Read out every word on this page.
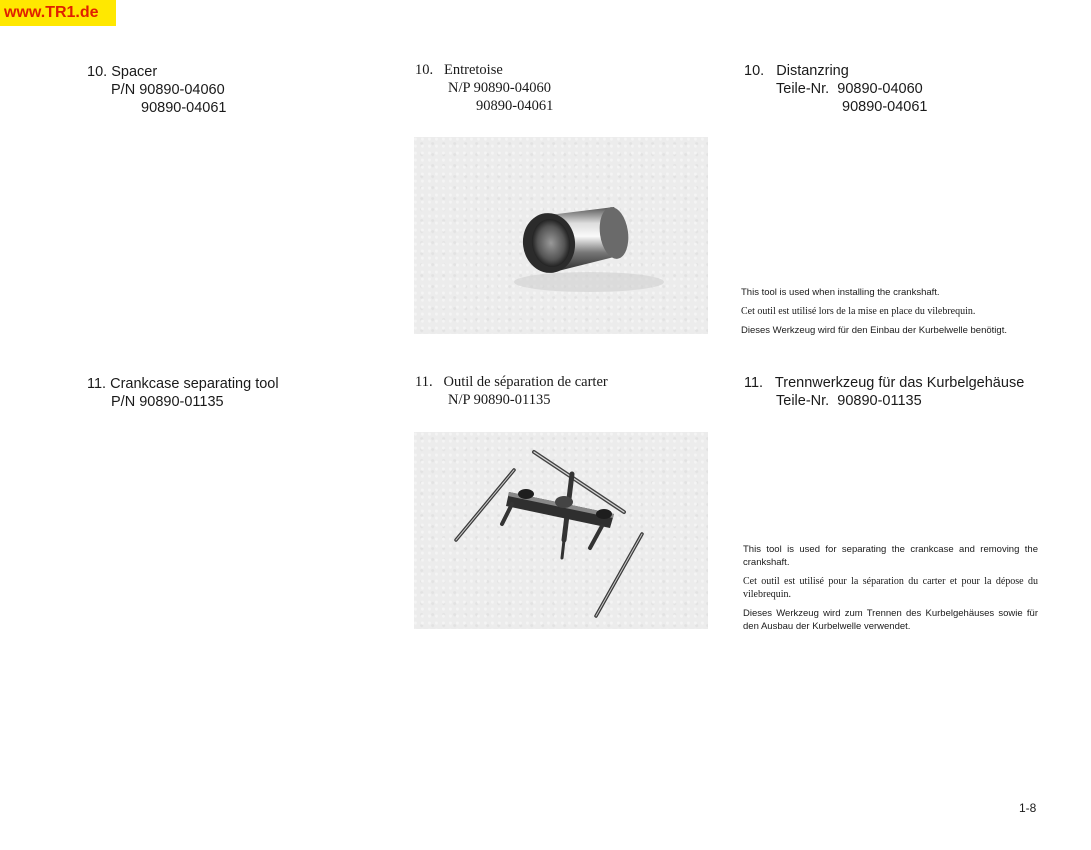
www.TR1.de
10. Spacer
P/N 90890-04060
90890-04061
10. Entretoise
N/P 90890-04060
90890-04061
10. Distanzring
Teile-Nr. 90890-04060
90890-04061

This tool is used when installing the crankshaft.

Cet outil est utilisé lors de la mise en place du vilebrequin.

Dieses Werkzeug wird für den Einbau der Kurbelwelle benötigt.

11. Crankcase separating tool
P/N 90890-01135
11. Outil de séparation de carter
N/P 90890-01135
11. Trennwerkzeug für das Kurbelgehäuse
Teile-Nr. 90890-01135

This tool is used for separating the crankcase and removing the crankshaft.

Cet outil est utilisé pour la séparation du carter et pour la dépose du vilebrequin.

Dieses Werkzeug wird zum Trennen des Kurbelgehäuses sowie für den Ausbau der Kurbelwelle verwendet.

1-8
